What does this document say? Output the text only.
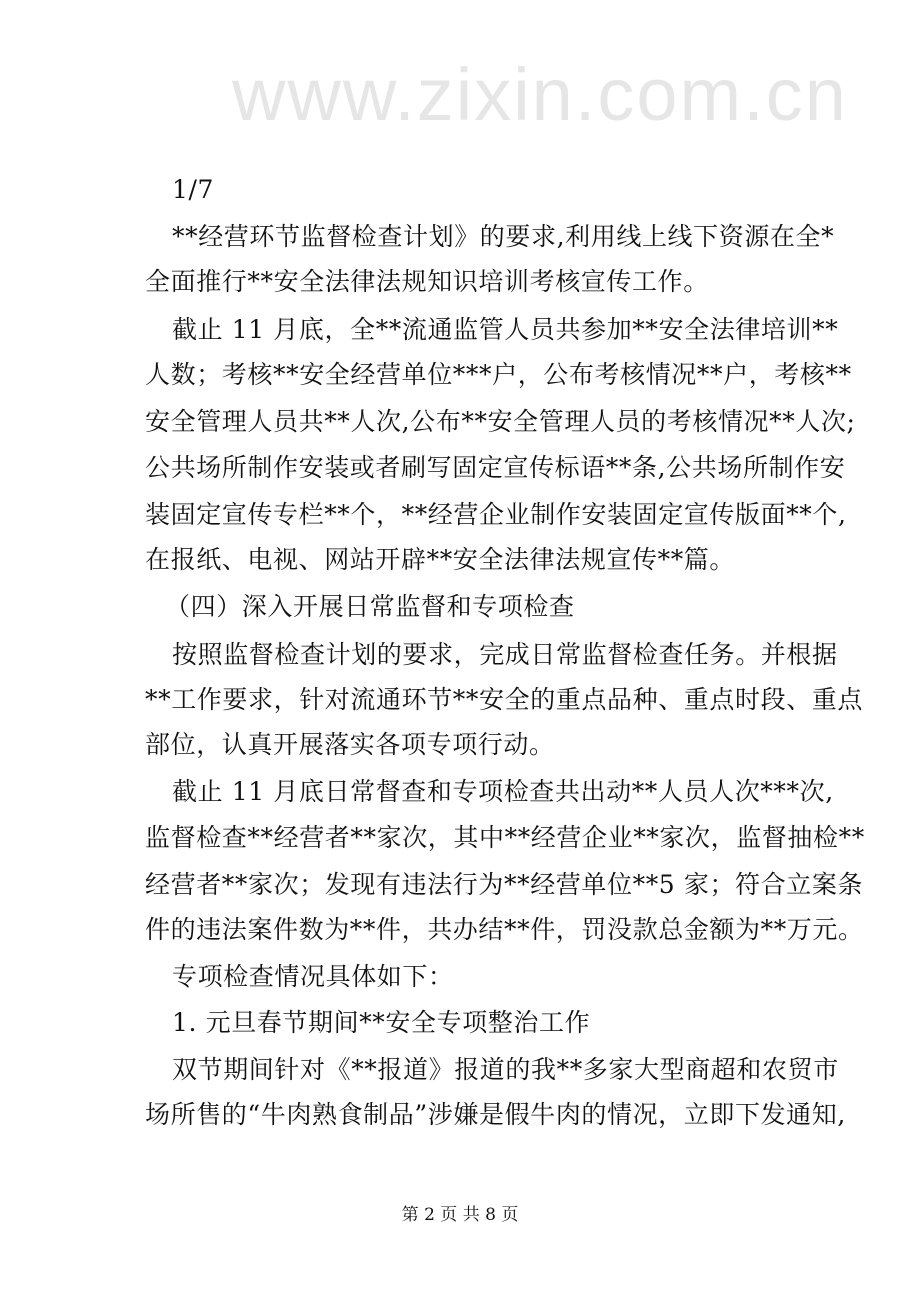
www.zixin.com.cn
1/7
**经营环节监督检查计划》的要求,利用线上线下资源在全*
全面推行**安全法律法规知识培训考核宣传工作。
截止 11 月底，全**流通监管人员共参加**安全法律培训**
人数；考核**安全经营单位***户，公布考核情况**户，考核**
安全管理人员共**人次,公布**安全管理人员的考核情况**人次;
公共场所制作安装或者刷写固定宣传标语**条,公共场所制作安
装固定宣传专栏**个，**经营企业制作安装固定宣传版面**个,
在报纸、电视、网站开辟**安全法律法规宣传**篇。
（四）深入开展日常监督和专项检查
按照监督检查计划的要求，完成日常监督检查任务。并根据
**工作要求，针对流通环节**安全的重点品种、重点时段、重点
部位，认真开展落实各项专项行动。
截止 11 月底日常督查和专项检查共出动**人员人次***次,
监督检查**经营者**家次，其中**经营企业**家次，监督抽检**
经营者**家次；发现有违法行为**经营单位**5 家；符合立案条
件的违法案件数为**件，共办结**件，罚没款总金额为**万元。
专项检查情况具体如下：
1. 元旦春节期间**安全专项整治工作
双节期间针对《**报道》报道的我**多家大型商超和农贸市
场所售的“牛肉熟食制品”涉嫌是假牛肉的情况，立即下发通知,
第 2 页 共 8 页
